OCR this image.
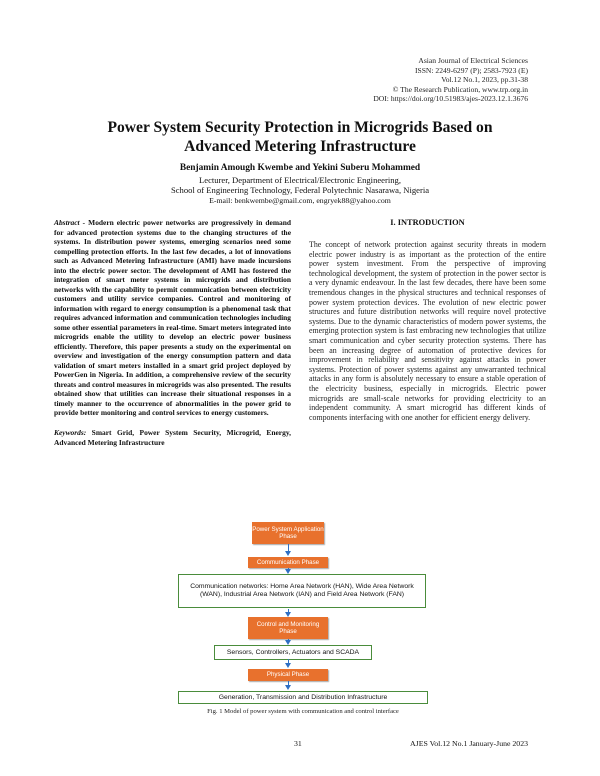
Asian Journal of Electrical Sciences
ISSN: 2249-6297 (P); 2583-7923 (E)
Vol.12 No.1, 2023, pp.31-38
© The Research Publication, www.trp.org.in
DOI: https://doi.org/10.51983/ajes-2023.12.1.3676
Power System Security Protection in Microgrids Based on
Advanced Metering Infrastructure
Benjamin Amough Kwembe and Yekini Suberu Mohammed
Lecturer, Department of Electrical/Electronic Engineering,
School of Engineering Technology, Federal Polytechnic Nasarawa, Nigeria
E-mail: benkwembe@gmail.com, engryek88@yahoo.com
Abstract - Modern electric power networks are progressively in demand for advanced protection systems due to the changing structures of the systems. In distribution power systems, emerging scenarios need some compelling protection efforts. In the last few decades, a lot of innovations such as Advanced Metering Infrastructure (AMI) have made incursions into the electric power sector. The development of AMI has fostered the integration of smart meter systems in microgrids and distribution networks with the capability to permit communication between electricity customers and utility service companies. Control and monitoring of information with regard to energy consumption is a phenomenal task that requires advanced information and communication technologies including some other essential parameters in real-time. Smart meters integrated into microgrids enable the utility to develop an electric power business efficiently. Therefore, this paper presents a study on the experimental on overview and investigation of the energy consumption pattern and data validation of smart meters installed in a smart grid project deployed by PowerGen in Nigeria. In addition, a comprehensive review of the security threats and control measures in microgrids was also presented. The results obtained show that utilities can increase their situational responses in a timely manner to the occurrence of abnormalities in the power grid to provide better monitoring and control services to energy customers.
Keywords: Smart Grid, Power System Security, Microgrid, Energy, Advanced Metering Infrastructure
I. INTRODUCTION
The concept of network protection against security threats in modern electric power industry is as important as the protection of the entire power system investment. From the perspective of improving technological development, the system of protection in the power sector is a very dynamic endeavour. In the last few decades, there have been some tremendous changes in the physical structures and technical responses of power system protection devices. The evolution of new electric power structures and future distribution networks will require novel protective systems. Due to the dynamic characteristics of modern power systems, the emerging protection system is fast embracing new technologies that utilize smart communication and cyber security protection systems. There has been an increasing degree of automation of protective devices for improvement in reliability and sensitivity against attacks in power systems. Protection of power systems against any unwarranted technical attacks in any form is absolutely necessary to ensure a stable operation of the electricity business, especially in microgrids. Electric power microgrids are small-scale networks for providing electricity to an independent community. A smart microgrid has different kinds of components interfacing with one another for efficient energy delivery.
Power System Application Phase
Communication Phase
Communication networks: Home Area Network (HAN), Wide Area Network (WAN), Industrial Area Network (IAN) and Field Area Network (FAN)
Control and Monitoring Phase
Sensors, Controllers, Actuators and SCADA
Physical Phase
Generation, Transmission and Distribution Infrastructure
Fig. 1 Model of power system with communication and control interface
31	AJES Vol.12 No.1 January-June 2023
